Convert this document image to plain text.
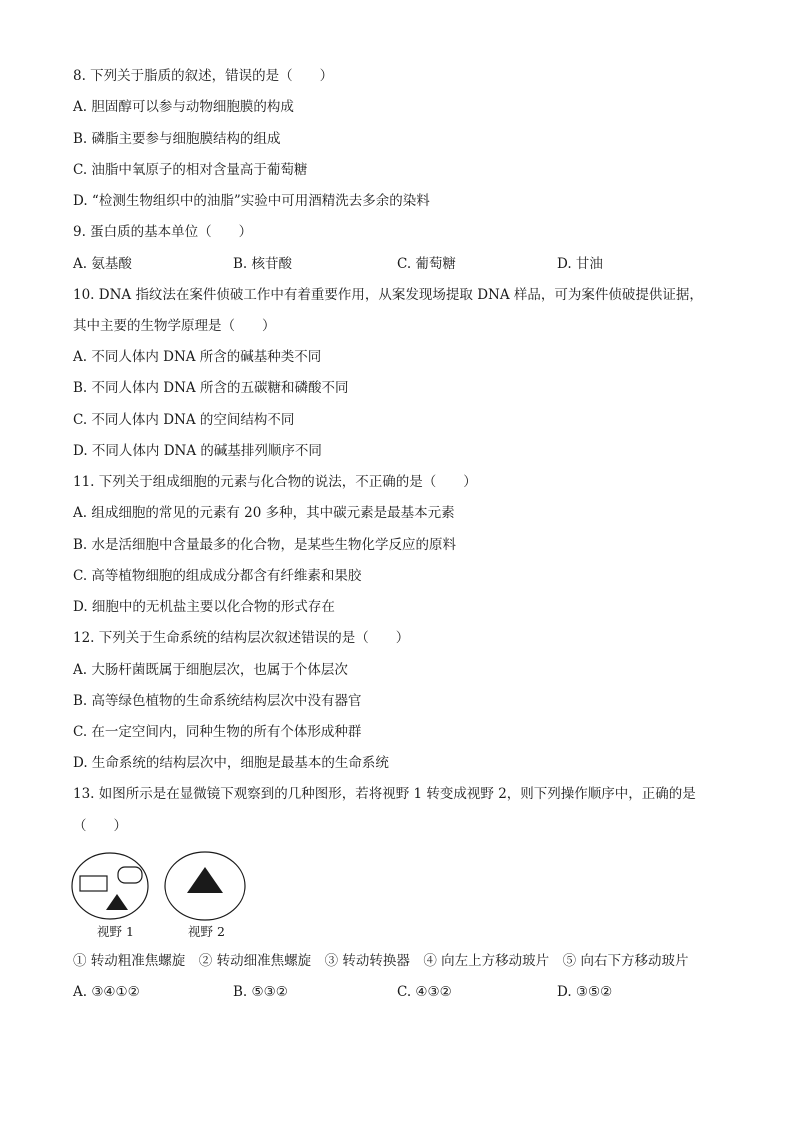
8. 下列关于脂质的叙述，错误的是（　　）
A. 胆固醇可以参与动物细胞膜的构成
B. 磷脂主要参与细胞膜结构的组成
C. 油脂中氧原子的相对含量高于葡萄糖
D. “检测生物组织中的油脂”实验中可用酒精洗去多余的染料
9. 蛋白质的基本单位（　　）
A. 氨基酸	B. 核苷酸	C. 葡萄糖	D. 甘油
10. DNA 指纹法在案件侦破工作中有着重要作用，从案发现场提取 DNA 样品，可为案件侦破提供证据，
其中主要的生物学原理是（　　）
A. 不同人体内 DNA 所含的碱基种类不同
B. 不同人体内 DNA 所含的五碳糖和磷酸不同
C. 不同人体内 DNA 的空间结构不同
D. 不同人体内 DNA 的碱基排列顺序不同
11. 下列关于组成细胞的元素与化合物的说法，不正确的是（　　）
A. 组成细胞的常见的元素有 20 多种，其中碳元素是最基本元素
B. 水是活细胞中含量最多的化合物，是某些生物化学反应的原料
C. 高等植物细胞的组成成分都含有纤维素和果胶
D. 细胞中的无机盐主要以化合物的形式存在
12. 下列关于生命系统的结构层次叙述错误的是（　　）
A. 大肠杆菌既属于细胞层次，也属于个体层次
B. 高等绿色植物的生命系统结构层次中没有器官
C. 在一定空间内，同种生物的所有个体形成种群
D. 生命系统的结构层次中，细胞是最基本的生命系统
13. 如图所示是在显微镜下观察到的几种图形，若将视野 1 转变成视野 2，则下列操作顺序中，正确的是
（　　）
视野 1	视野 2
① 转动粗准焦螺旋　② 转动细准焦螺旋　③ 转动转换器　④ 向左上方移动玻片　⑤ 向右下方移动玻片
A. ③④①②	B. ⑤③②	C. ④③②	D. ③⑤②
